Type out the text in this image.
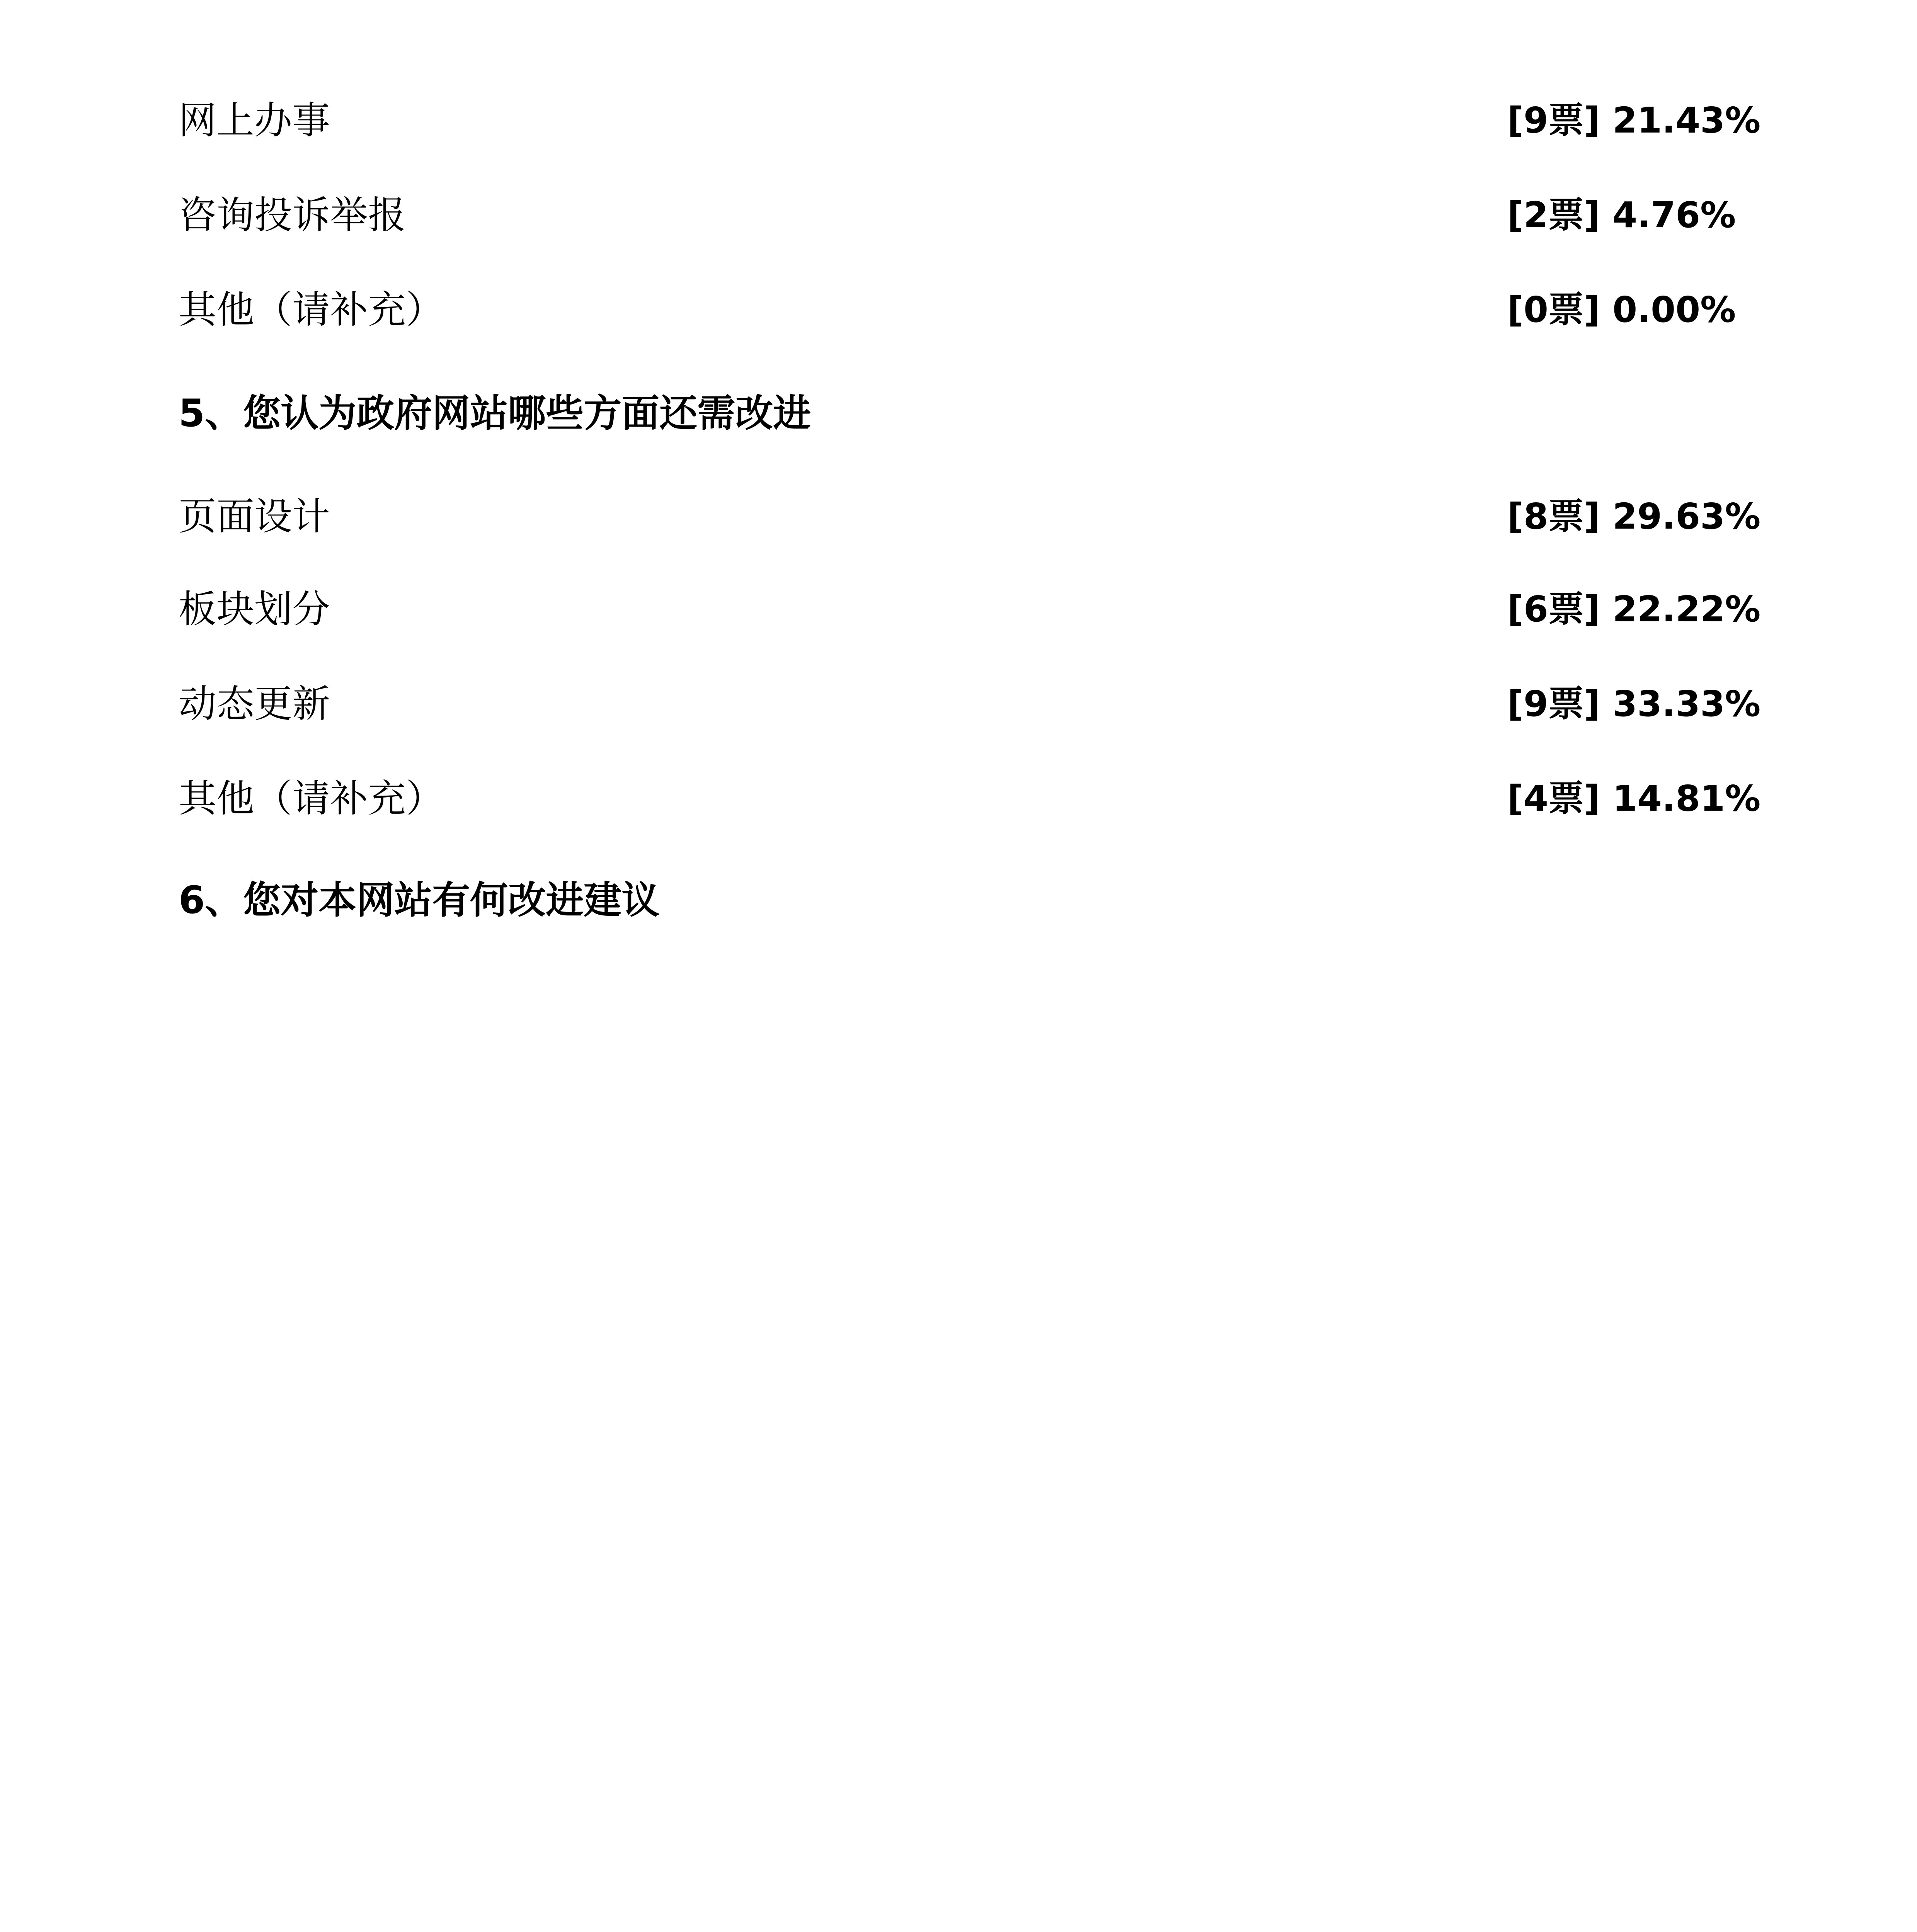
网上办事	[9票] 21.43%
咨询投诉举报	[2票] 4.76%
其他（请补充）	[0票] 0.00%
5、您认为政府网站哪些方面还需改进
页面设计	[8票] 29.63%
板块划分	[6票] 22.22%
动态更新	[9票] 33.33%
其他（请补充）	[4票] 14.81%
6、您对本网站有何改进建议
